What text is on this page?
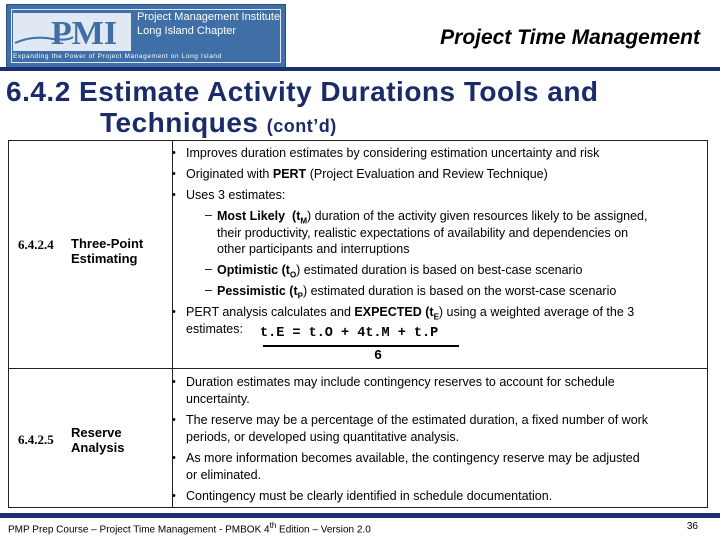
PMI Project Management Institute
Long Island Chapter
Expanding the Power of Project Management on Long Island
Project Time Management
6.4.2 Estimate Activity Durations Tools and
Techniques (cont’d)
6.4.2.4 Three-Point
Estimating
• Improves duration estimates by considering estimation uncertainty and risk
• Originated with PERT (Project Evaluation and Review Technique)
• Uses 3 estimates:
– Most Likely $(t_M)$ duration of the activity given resources likely to be assigned,
their productivity, realistic expectations of availability and dependencies on
other participants and interruptions
– Optimistic $(t_O)$ estimated duration is based on best-case scenario
– Pessimistic $(t_P)$ estimated duration is based on the worst-case scenario
• PERT analysis calculates and EXPECTED $(t_E)$ using a weighted average of the 3
estimates: t.E = t.O + 4t.M + t.P
6
6.4.2.5 Reserve
Analysis
• Duration estimates may include contingency reserves to account for schedule
uncertainty.
• The reserve may be a percentage of the estimated duration, a fixed number of work
periods, or developed using quantitative analysis.
• As more information becomes available, the contingency reserve may be adjusted
or eliminated.
• Contingency must be clearly identified in schedule documentation.
PMP Prep Course – Project Time Management - PMBOK 4th Edition – Version 2.0	36
